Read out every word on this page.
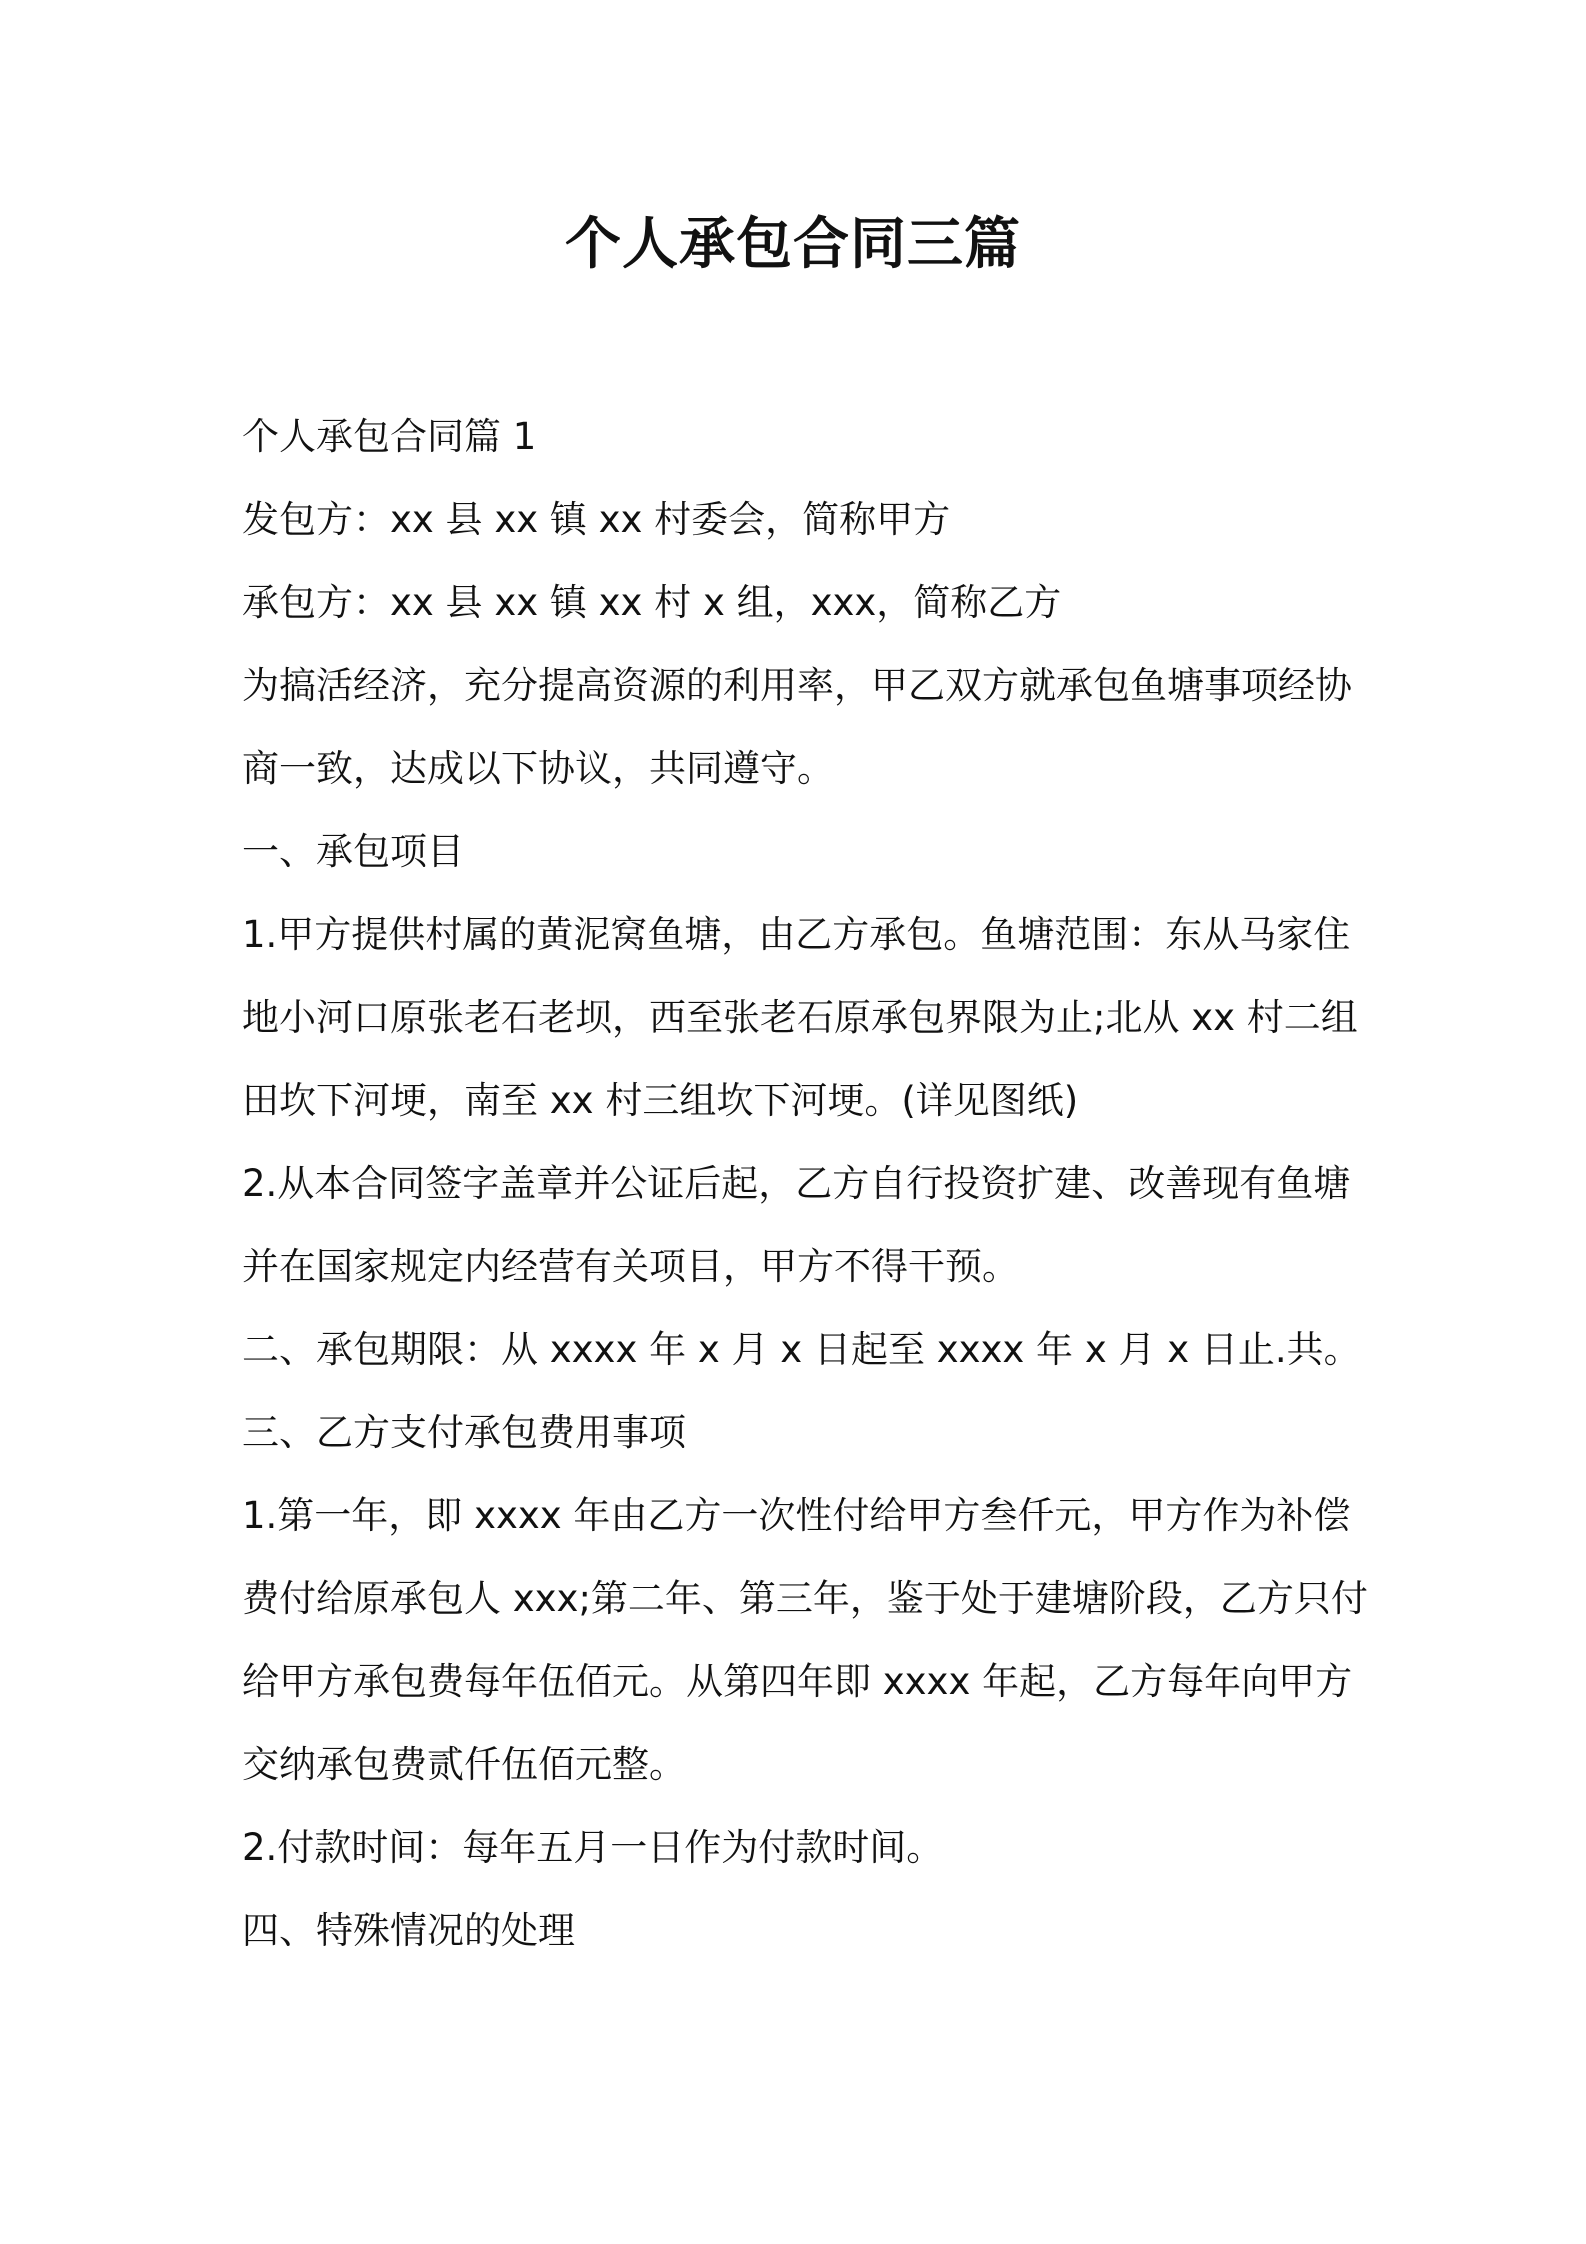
个人承包合同三篇

个人承包合同篇 1

发包方：xx 县 xx 镇 xx 村委会，简称甲方

承包方：xx 县 xx 镇 xx 村 x 组，xxx，简称乙方

为搞活经济，充分提高资源的利用率，甲乙双方就承包鱼塘事项经协

商一致，达成以下协议，共同遵守。

一、承包项目

1.甲方提供村属的黄泥窝鱼塘，由乙方承包。鱼塘范围：东从马家住

地小河口原张老石老坝，西至张老石原承包界限为止;北从 xx 村二组

田坎下河埂，南至 xx 村三组坎下河埂。(详见图纸)

2.从本合同签字盖章并公证后起，乙方自行投资扩建、改善现有鱼塘

并在国家规定内经营有关项目，甲方不得干预。

二、承包期限：从 xxxx 年 x 月 x 日起至 xxxx 年 x 月 x 日止.共。

三、乙方支付承包费用事项

1.第一年，即 xxxx 年由乙方一次性付给甲方叁仟元，甲方作为补偿

费付给原承包人 xxx;第二年、第三年，鉴于处于建塘阶段，乙方只付

给甲方承包费每年伍佰元。从第四年即 xxxx 年起，乙方每年向甲方

交纳承包费贰仟伍佰元整。

2.付款时间：每年五月一日作为付款时间。

四、特殊情况的处理
